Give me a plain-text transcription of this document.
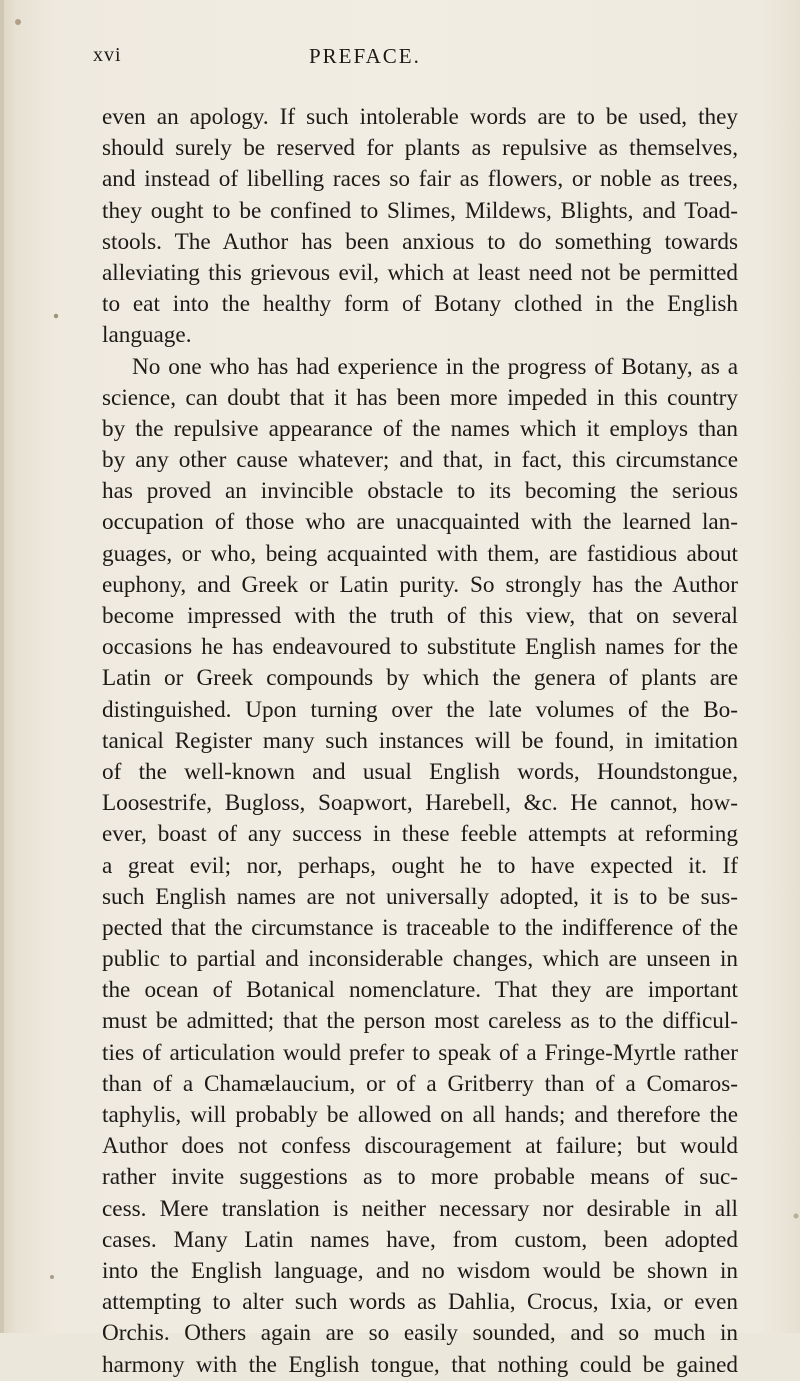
xvi	PREFACE.
even an apology. If such intolerable words are to be used, they
should surely be reserved for plants as repulsive as themselves,
and instead of libelling races so fair as flowers, or noble as trees,
they ought to be confined to Slimes, Mildews, Blights, and Toad-
stools. The Author has been anxious to do something towards
alleviating this grievous evil, which at least need not be permitted
to eat into the healthy form of Botany clothed in the English
language.
No one who has had experience in the progress of Botany, as a
science, can doubt that it has been more impeded in this country
by the repulsive appearance of the names which it employs than
by any other cause whatever; and that, in fact, this circumstance
has proved an invincible obstacle to its becoming the serious
occupation of those who are unacquainted with the learned lan-
guages, or who, being acquainted with them, are fastidious about
euphony, and Greek or Latin purity. So strongly has the Author
become impressed with the truth of this view, that on several
occasions he has endeavoured to substitute English names for the
Latin or Greek compounds by which the genera of plants are
distinguished. Upon turning over the late volumes of the Bo-
tanical Register many such instances will be found, in imitation
of the well-known and usual English words, Houndstongue,
Loosestrife, Bugloss, Soapwort, Harebell, &c. He cannot, how-
ever, boast of any success in these feeble attempts at reforming
a great evil; nor, perhaps, ought he to have expected it. If
such English names are not universally adopted, it is to be sus-
pected that the circumstance is traceable to the indifference of the
public to partial and inconsiderable changes, which are unseen in
the ocean of Botanical nomenclature. That they are important
must be admitted; that the person most careless as to the difficul-
ties of articulation would prefer to speak of a Fringe-Myrtle rather
than of a Chamælaucium, or of a Gritberry than of a Comaros-
taphylis, will probably be allowed on all hands; and therefore the
Author does not confess discouragement at failure; but would
rather invite suggestions as to more probable means of suc-
cess. Mere translation is neither necessary nor desirable in all
cases. Many Latin names have, from custom, been adopted
into the English language, and no wisdom would be shown in
attempting to alter such words as Dahlia, Crocus, Ixia, or even
Orchis. Others again are so easily sounded, and so much in
harmony with the English tongue, that nothing could be gained
